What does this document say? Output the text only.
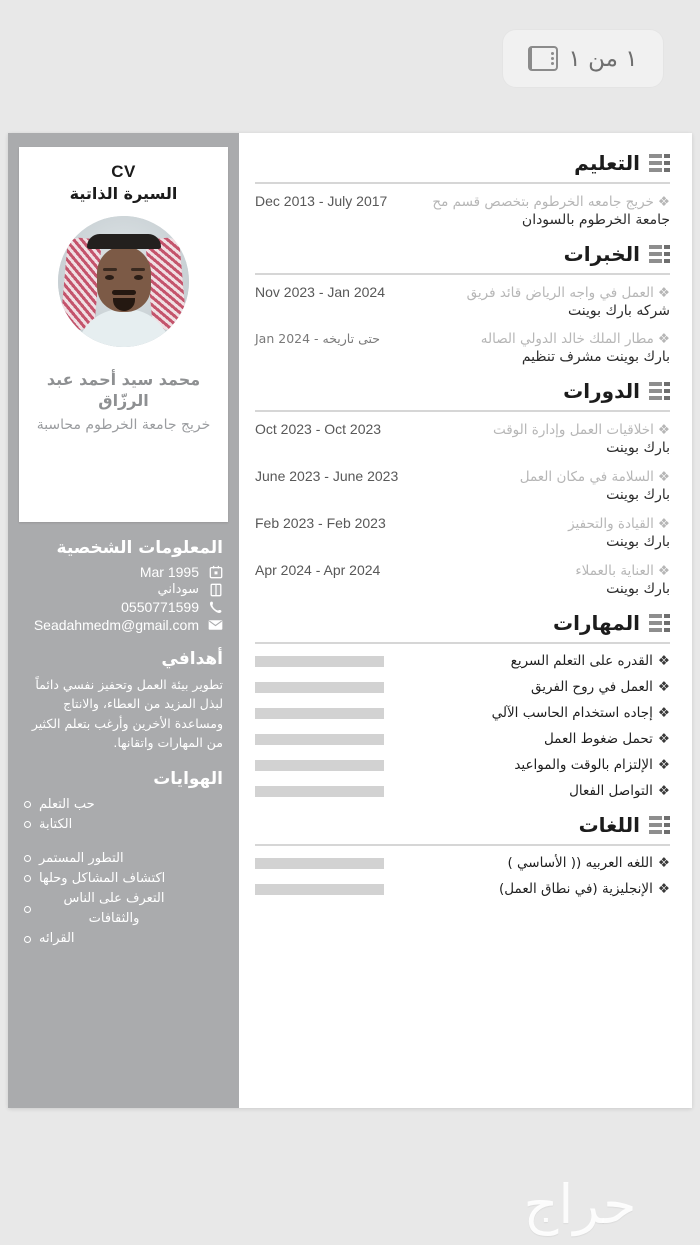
١ من ١
التعليم
❖خريج جامعه الخرطوم بتخصص قسم مح
Dec 2013 - July 2017
جامعة الخرطوم بالسودان
الخبرات
❖العمل في واجه الرياض قائد فريق
Nov 2023 - Jan 2024
شركه بارك بوينت
❖مطار الملك خالد الدولي الصاله
Jan 2024 - حتى تاريخه
بارك بوينت مشرف تنظيم
الدورات
❖اخلاقيات العمل وإدارة الوقت
Oct 2023 - Oct 2023
بارك بوينت
❖السلامة في مكان العمل
June 2023 - June 2023
بارك بوينت
❖القيادة والتحفيز
Feb 2023 - Feb 2023
بارك بوينت
❖العناية بالعملاء
Apr 2024 - Apr 2024
بارك بوينت
المهارات
❖القدره على التعلم السريع
❖العمل في روح الفريق
❖إجاده استخدام الحاسب الآلي
❖تحمل ضغوط العمل
❖الإلتزام بالوقت والمواعيد
❖التواصل الفعال
اللغات
❖اللغه العربيه (( الأساسي )
❖الإنجليزية (في نطاق العمل)
CV
السيرة الذاتية
محمد سيد أحمد عبد الرزّاق
خريج جامعة الخرطوم محاسبة
المعلومات الشخصية
Mar 1995
سوداني
0550771599
Seadahmedm@gmail.com
أهدافي
تطوير بيئة العمل وتحفيز نفسي دائماً لبذل المزيد من العطاء، والانتاج ومساعدة الأخرين وأرغب بتعلم الكثير من المهارات واتقانها.
الهوايات
حب التعلم
الكتابة
التطور المستمر
اكتشاف المشاكل وحلها
التعرف على الناس والثقافات
القرائه
حراج
